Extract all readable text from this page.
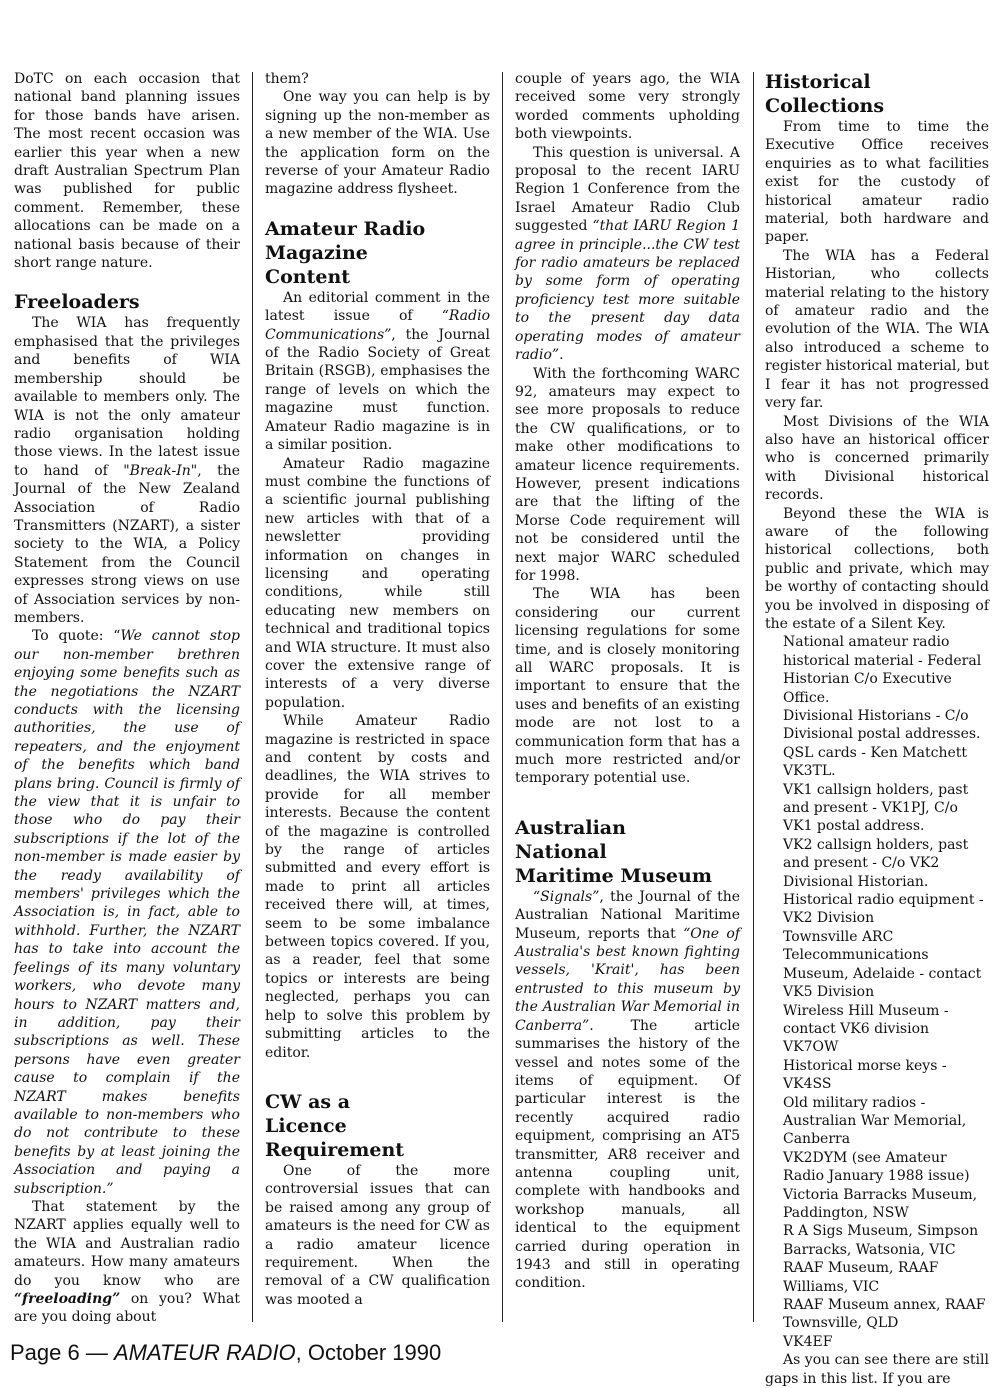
DoTC on each occasion that national band planning issues for those bands have arisen. The most recent occasion was earlier this year when a new draft Australian Spectrum Plan was published for public comment. Remember, these allocations can be made on a national basis because of their short range nature.

Freeloaders

The WIA has frequently emphasised that the privileges and benefits of WIA membership should be available to members only. The WIA is not the only amateur radio organisation holding those views. In the latest issue to hand of "Break-In", the Journal of the New Zealand Association of Radio Transmitters (NZART), a sister society to the WIA, a Policy Statement from the Council expresses strong views on use of Association services by non-members.

To quote: “We cannot stop our non-member brethren enjoying some benefits such as the negotiations the NZART conducts with the licensing authorities, the use of repeaters, and the enjoyment of the benefits which band plans bring. Council is firmly of the view that it is unfair to those who do pay their subscriptions if the lot of the non-member is made easier by the ready availability of members' privileges which the Association is, in fact, able to withhold. Further, the NZART has to take into account the feelings of its many voluntary workers, who devote many hours to NZART matters and, in addition, pay their subscriptions as well. These persons have even greater cause to complain if the NZART makes benefits available to non-members who do not contribute to these benefits by at least joining the Association and paying a subscription.”

That statement by the NZART applies equally well to the WIA and Australian radio amateurs. How many amateurs do you know who are “freeloading” on you? What are you doing about

them?

One way you can help is by signing up the non-member as a new member of the WIA. Use the application form on the reverse of your Amateur Radio magazine address flysheet.

Amateur Radio
Magazine
Content

An editorial comment in the latest issue of “Radio Communications”, the Journal of the Radio Society of Great Britain (RSGB), emphasises the range of levels on which the magazine must function. Amateur Radio magazine is in a similar position.

Amateur Radio magazine must combine the functions of a scientific journal publishing new articles with that of a newsletter providing information on changes in licensing and operating conditions, while still educating new members on technical and traditional topics and WIA structure. It must also cover the extensive range of interests of a very diverse population.

While Amateur Radio magazine is restricted in space and content by costs and deadlines, the WIA strives to provide for all member interests. Because the content of the magazine is controlled by the range of articles submitted and every effort is made to print all articles received there will, at times, seem to be some imbalance between topics covered. If you, as a reader, feel that some topics or interests are being neglected, perhaps you can help to solve this problem by submitting articles to the editor.

CW as a
Licence
Requirement

One of the more controversial issues that can be raised among any group of amateurs is the need for CW as a radio amateur licence requirement. When the removal of a CW qualification was mooted a

couple of years ago, the WIA received some very strongly worded comments upholding both viewpoints.

This question is universal. A proposal to the recent IARU Region 1 Conference from the Israel Amateur Radio Club suggested “that IARU Region 1 agree in principle...the CW test for radio amateurs be replaced by some form of operating proficiency test more suitable to the present day data operating modes of amateur radio”.

With the forthcoming WARC 92, amateurs may expect to see more proposals to reduce the CW qualifications, or to make other modifications to amateur licence requirements. However, present indications are that the lifting of the Morse Code requirement will not be considered until the next major WARC scheduled for 1998.

The WIA has been considering our current licensing regulations for some time, and is closely monitoring all WARC proposals. It is important to ensure that the uses and benefits of an existing mode are not lost to a communication form that has a much more restricted and/or temporary potential use.

Australian
National
Maritime Museum

“Signals”, the Journal of the Australian National Maritime Museum, reports that “One of Australia's best known fighting vessels, 'Krait', has been entrusted to this museum by the Australian War Memorial in Canberra”. The article summarises the history of the vessel and notes some of the items of equipment. Of particular interest is the recently acquired radio equipment, comprising an AT5 transmitter, AR8 receiver and antenna coupling unit, complete with handbooks and workshop manuals, all identical to the equipment carried during operation in 1943 and still in operating condition.

Historical
Collections

From time to time the Executive Office receives enquiries as to what facilities exist for the custody of historical amateur radio material, both hardware and paper.

The WIA has a Federal Historian, who collects material relating to the history of amateur radio and the evolution of the WIA. The WIA also introduced a scheme to register historical material, but I fear it has not progressed very far.

Most Divisions of the WIA also have an historical officer who is concerned primarily with Divisional historical records.

Beyond these the WIA is aware of the following historical collections, both public and private, which may be worthy of contacting should you be involved in disposing of the estate of a Silent Key.

National amateur radio historical material - Federal Historian C/o Executive Office.

Divisional Historians - C/o Divisional postal addresses.

QSL cards - Ken Matchett VK3TL.

VK1 callsign holders, past and present - VK1PJ, C/o VK1 postal address.

VK2 callsign holders, past and present - C/o VK2 Divisional Historian.

Historical radio equipment -VK2 Division

Townsville ARC

Telecommunications Museum, Adelaide - contact VK5 Division

Wireless Hill Museum - contact VK6 division

VK7OW

Historical morse keys - VK4SS

Old military radios - Australian War Memorial, Canberra

VK2DYM (see Amateur Radio January 1988 issue)

Victoria Barracks Museum, Paddington, NSW

R A Sigs Museum, Simpson Barracks, Watsonia, VIC

RAAF Museum, RAAF Williams, VIC

RAAF Museum annex, RAAF Townsville, QLD

VK4EF

As you can see there are still gaps in this list. If you are

Page 6 — AMATEUR RADIO, October 1990
